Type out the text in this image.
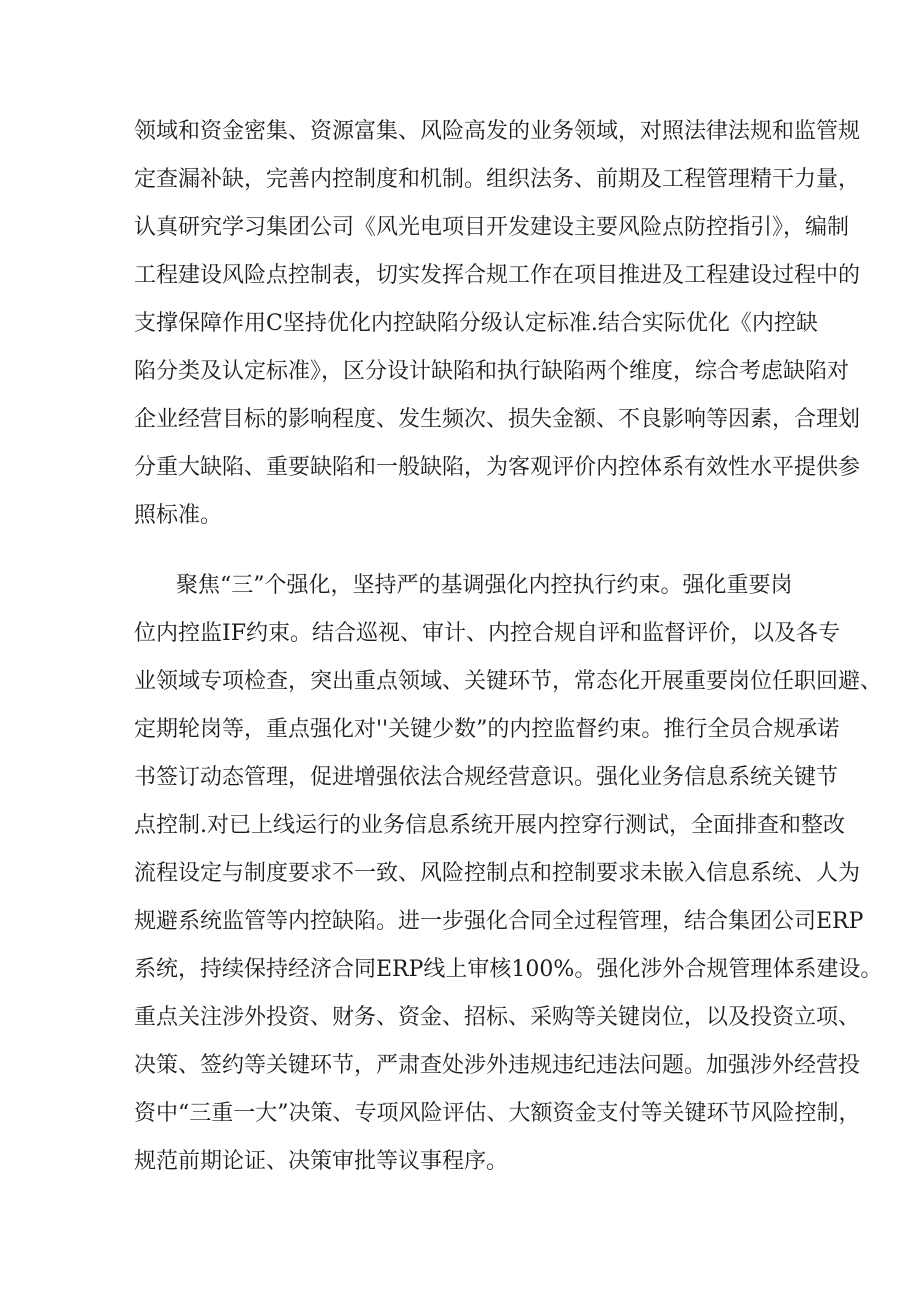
领域和资金密集、资源富集、风险高发的业务领域，对照法律法规和监管规
定查漏补缺，完善内控制度和机制。组织法务、前期及工程管理精干力量，
认真研究学习集团公司《风光电项目开发建设主要风险点防控指引》，编制
工程建设风险点控制表，切实发挥合规工作在项目推进及工程建设过程中的
支撑保障作用C坚持优化内控缺陷分级认定标准.结合实际优化《内控缺
陷分类及认定标准》，区分设计缺陷和执行缺陷两个维度，综合考虑缺陷对
企业经营目标的影响程度、发生频次、损失金额、不良影响等因素，合理划
分重大缺陷、重要缺陷和一般缺陷，为客观评价内控体系有效性水平提供参
照标准。
聚焦“三”个强化，坚持严的基调强化内控执行约束。强化重要岗
位内控监IF约束。结合巡视、审计、内控合规自评和监督评价，以及各专
业领域专项检查，突出重点领域、关键环节，常态化开展重要岗位任职回避、
定期轮岗等，重点强化对''关键少数”的内控监督约束。推行全员合规承诺
书签订动态管理，促进增强依法合规经营意识。强化业务信息系统关键节
点控制.对已上线运行的业务信息系统开展内控穿行测试，全面排查和整改
流程设定与制度要求不一致、风险控制点和控制要求未嵌入信息系统、人为
规避系统监管等内控缺陷。进一步强化合同全过程管理，结合集团公司ERP
系统，持续保持经济合同ERP线上审核100%。强化涉外合规管理体系建设。
重点关注涉外投资、财务、资金、招标、采购等关键岗位，以及投资立项、
决策、签约等关键环节，严肃查处涉外违规违纪违法问题。加强涉外经营投
资中“三重一大”决策、专项风险评估、大额资金支付等关键环节风险控制，
规范前期论证、决策审批等议事程序。
